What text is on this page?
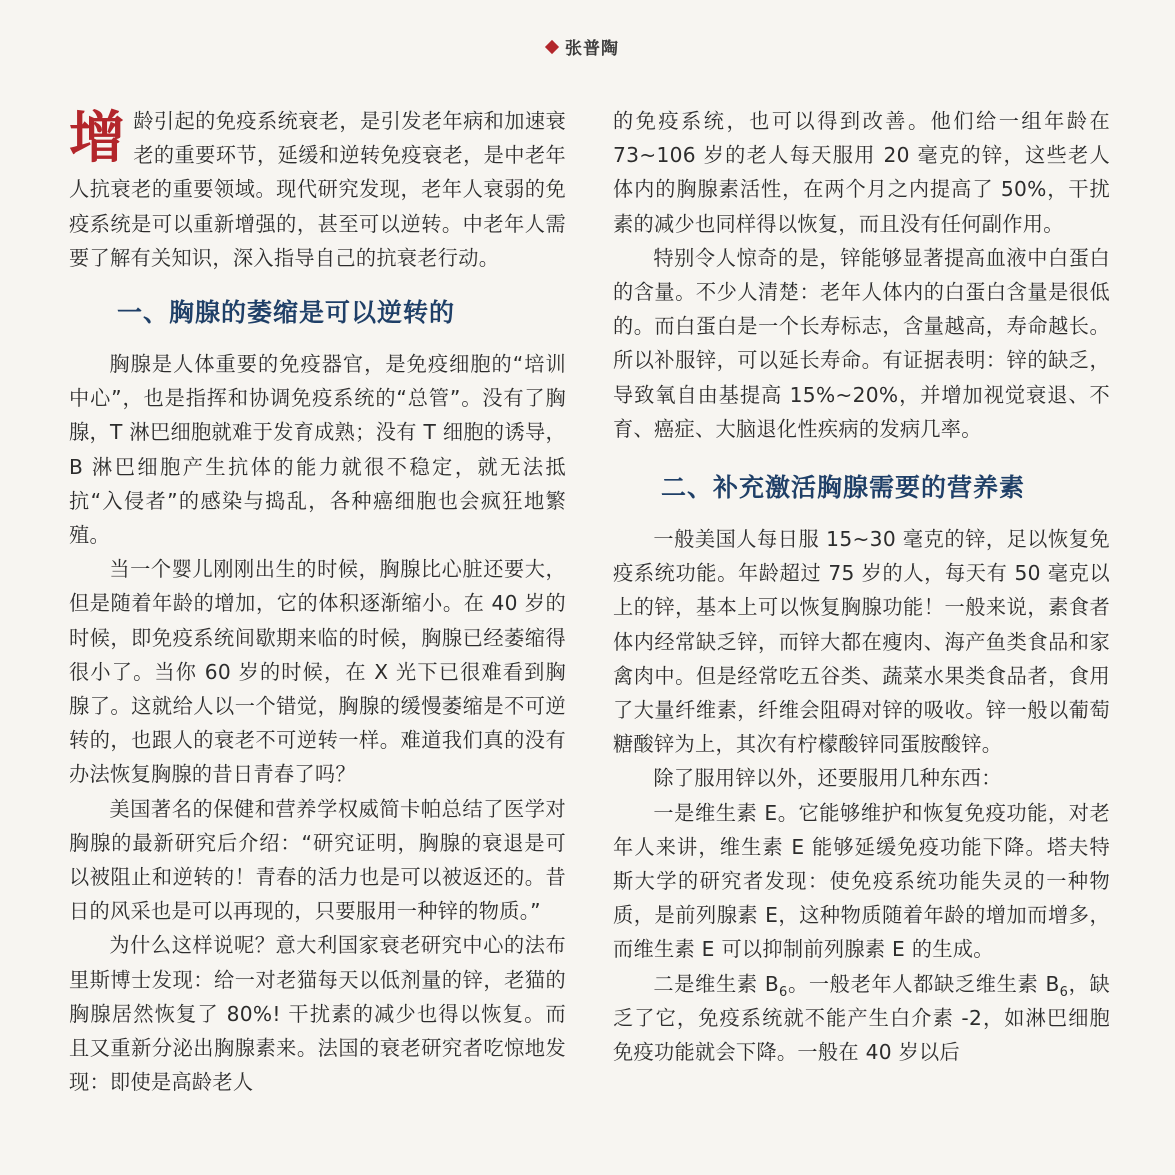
张普陶

增龄引起的免疫系统衰老，是引发老年病和加速衰老的重要环节，延缓和逆转免疫衰老，是中老年人抗衰老的重要领域。现代研究发现，老年人衰弱的免疫系统是可以重新增强的，甚至可以逆转。中老年人需要了解有关知识，深入指导自己的抗衰老行动。

一、胸腺的萎缩是可以逆转的

胸腺是人体重要的免疫器官，是免疫细胞的“培训中心”，也是指挥和协调免疫系统的“总管”。没有了胸腺，T 淋巴细胞就难于发育成熟；没有 T 细胞的诱导，B 淋巴细胞产生抗体的能力就很不稳定，就无法抵抗“入侵者”的感染与捣乱，各种癌细胞也会疯狂地繁殖。

当一个婴儿刚刚出生的时候，胸腺比心脏还要大，但是随着年龄的增加，它的体积逐渐缩小。在 40 岁的时候，即免疫系统间歇期来临的时候，胸腺已经萎缩得很小了。当你 60 岁的时候，在 X 光下已很难看到胸腺了。这就给人以一个错觉，胸腺的缓慢萎缩是不可逆转的，也跟人的衰老不可逆转一样。难道我们真的没有办法恢复胸腺的昔日青春了吗？

美国著名的保健和营养学权威简卡帕总结了医学对胸腺的最新研究后介绍：“研究证明，胸腺的衰退是可以被阻止和逆转的！青春的活力也是可以被返还的。昔日的风采也是可以再现的，只要服用一种锌的物质。”

为什么这样说呢？意大利国家衰老研究中心的法布里斯博士发现：给一对老猫每天以低剂量的锌，老猫的胸腺居然恢复了 80%! 干扰素的减少也得以恢复。而且又重新分泌出胸腺素来。法国的衰老研究者吃惊地发现：即使是高龄老人

的免疫系统，也可以得到改善。他们给一组年龄在 73~106 岁的老人每天服用 20 毫克的锌，这些老人体内的胸腺素活性，在两个月之内提高了 50%，干扰素的减少也同样得以恢复，而且没有任何副作用。

特别令人惊奇的是，锌能够显著提高血液中白蛋白的含量。不少人清楚：老年人体内的白蛋白含量是很低的。而白蛋白是一个长寿标志，含量越高，寿命越长。所以补服锌，可以延长寿命。有证据表明：锌的缺乏，导致氧自由基提高 15%~20%，并增加视觉衰退、不育、癌症、大脑退化性疾病的发病几率。

二、补充激活胸腺需要的营养素

一般美国人每日服 15~30 毫克的锌，足以恢复免疫系统功能。年龄超过 75 岁的人，每天有 50 毫克以上的锌，基本上可以恢复胸腺功能！一般来说，素食者体内经常缺乏锌，而锌大都在瘦肉、海产鱼类食品和家禽肉中。但是经常吃五谷类、蔬菜水果类食品者，食用了大量纤维素，纤维会阻碍对锌的吸收。锌一般以葡萄糖酸锌为上，其次有柠檬酸锌同蛋胺酸锌。

除了服用锌以外，还要服用几种东西：

一是维生素 E。它能够维护和恢复免疫功能，对老年人来讲，维生素 E 能够延缓免疫功能下降。塔夫特斯大学的研究者发现：使免疫系统功能失灵的一种物质，是前列腺素 E，这种物质随着年龄的增加而增多，而维生素 E 可以抑制前列腺素 E 的生成。

二是维生素 $B_6$。一般老年人都缺乏维生素 $B_6$，缺乏了它，免疫系统就不能产生白介素 -2，如淋巴细胞免疫功能就会下降。一般在 40 岁以后
